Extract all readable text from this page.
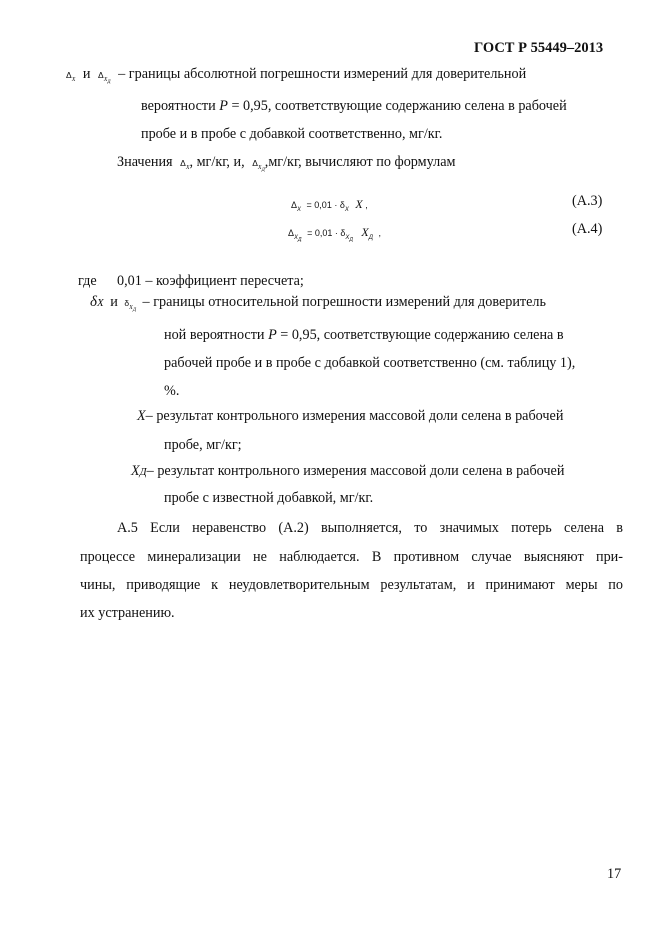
ГОСТ Р 55449–2013
$\Delta_X$ и $\Delta_{XД}$ – границы абсолютной погрешности измерений для доверительной
вероятности P = 0,95, соответствующие содержанию селена в рабочей
пробе и в пробе с добавкой соответственно, мг/кг.
Значения $\Delta_X$, мг/кг, и, $\Delta_{XД},мг/кг$, вычисляют по формулам
$\Delta_X = 0,01 \cdot \delta_X$ X ,	(А.3)
$\Delta_{XД} = 0,01 \cdot \delta_{XД}$ $X_Д$ ,	(А.4)
где 0,01 – коэффициент пересчета;
δX и $\delta_{XД}$ – границы относительной погрешности измерений для доверитель
ной вероятности P = 0,95, соответствующие содержанию селена в
рабочей пробе и в пробе с добавкой соответственно (см. таблицу 1),
%.
X– результат контрольного измерения массовой доли селена в рабочей
пробе, мг/кг;
XД– результат контрольного измерения массовой доли селена в рабочей
пробе с известной добавкой, мг/кг.
А.5 Если неравенство (А.2) выполняется, то значимых потерь селена в
процессе минерализации не наблюдается. В противном случае выясняют при-
чины, приводящие к неудовлетворительным результатам, и принимают меры по
их устранению.
17
